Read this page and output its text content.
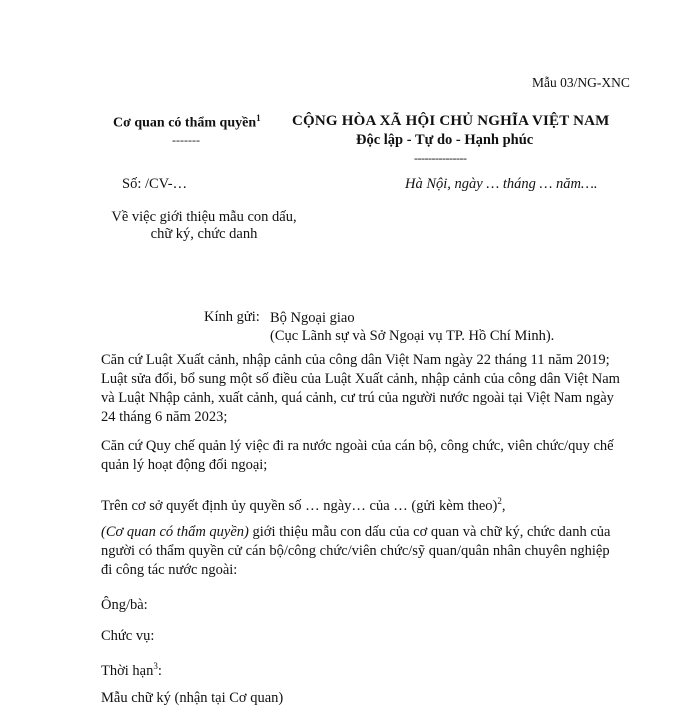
Mẫu 03/NG-XNC
Cơ quan có thẩm quyền$^1$
-------
CỘNG HÒA XÃ HỘI CHỦ NGHĨA VIỆT NAM
Độc lập - Tự do - Hạnh phúc
---------------
Số: /CV-…	Hà Nội, ngày … tháng … năm….
Về việc giới thiệu mẫu con dấu,
chữ ký, chức danh
Kính gửi: Bộ Ngoại giao
(Cục Lãnh sự và Sở Ngoại vụ TP. Hồ Chí Minh).
Căn cứ Luật Xuất cảnh, nhập cảnh của công dân Việt Nam ngày 22 tháng 11 năm 2019; Luật sửa đổi, bổ sung một số điều của Luật Xuất cảnh, nhập cảnh của công dân Việt Nam và Luật Nhập cảnh, xuất cảnh, quá cảnh, cư trú của người nước ngoài tại Việt Nam ngày 24 tháng 6 năm 2023;
Căn cứ Quy chế quản lý việc đi ra nước ngoài của cán bộ, công chức, viên chức/quy chế quản lý hoạt động đối ngoại;
Trên cơ sở quyết định ủy quyền số … ngày… của … (gửi kèm theo)$^2$,
(Cơ quan có thẩm quyền) giới thiệu mẫu con dấu của cơ quan và chữ ký, chức danh của người có thẩm quyền cử cán bộ/công chức/viên chức/sỹ quan/quân nhân chuyên nghiệp đi công tác nước ngoài:
Ông/bà:
Chức vụ:
Thời hạn$^3$:
Mẫu chữ ký (nhận tại Cơ quan)
